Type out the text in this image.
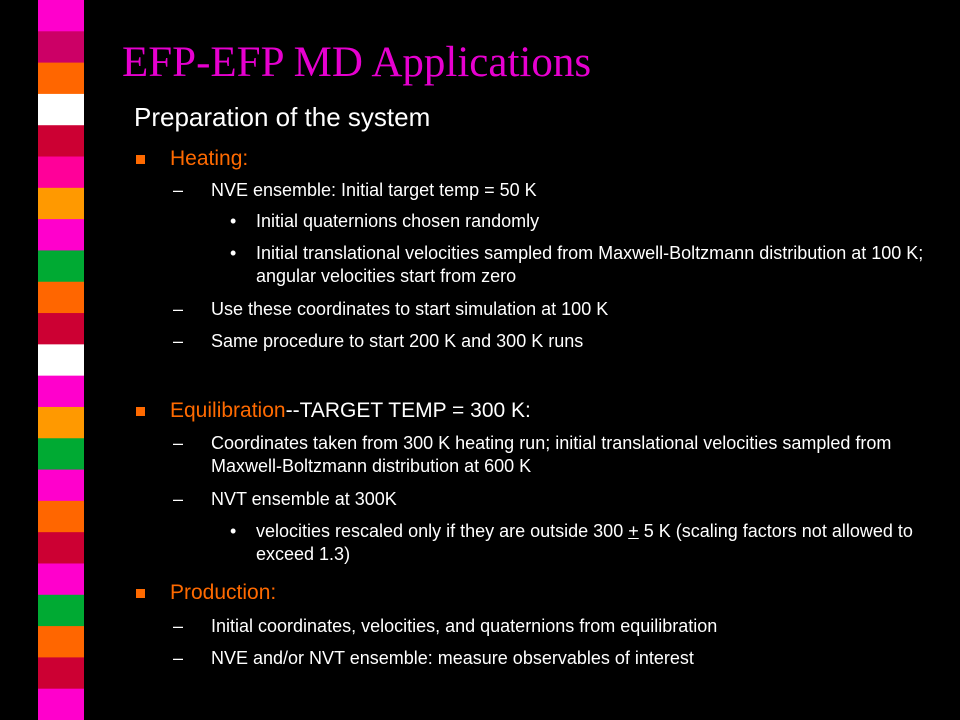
EFP-EFP MD Applications
Preparation of the system
Heating:
– NVE ensemble: Initial target temp = 50 K
• Initial quaternions chosen randomly
• Initial translational velocities sampled from Maxwell-Boltzmann distribution at 100 K; angular velocities start from zero
– Use these coordinates to start simulation at 100 K
– Same procedure to start 200 K and 300 K runs
Equilibration--TARGET TEMP = 300 K:
– Coordinates taken from 300 K heating run; initial translational velocities sampled from Maxwell-Boltzmann distribution at 600 K
– NVT ensemble at 300K
• velocities rescaled only if they are outside 300 + 5 K (scaling factors not allowed to exceed 1.3)
Production:
– Initial coordinates, velocities, and quaternions from equilibration
– NVE and/or NVT ensemble: measure observables of interest
